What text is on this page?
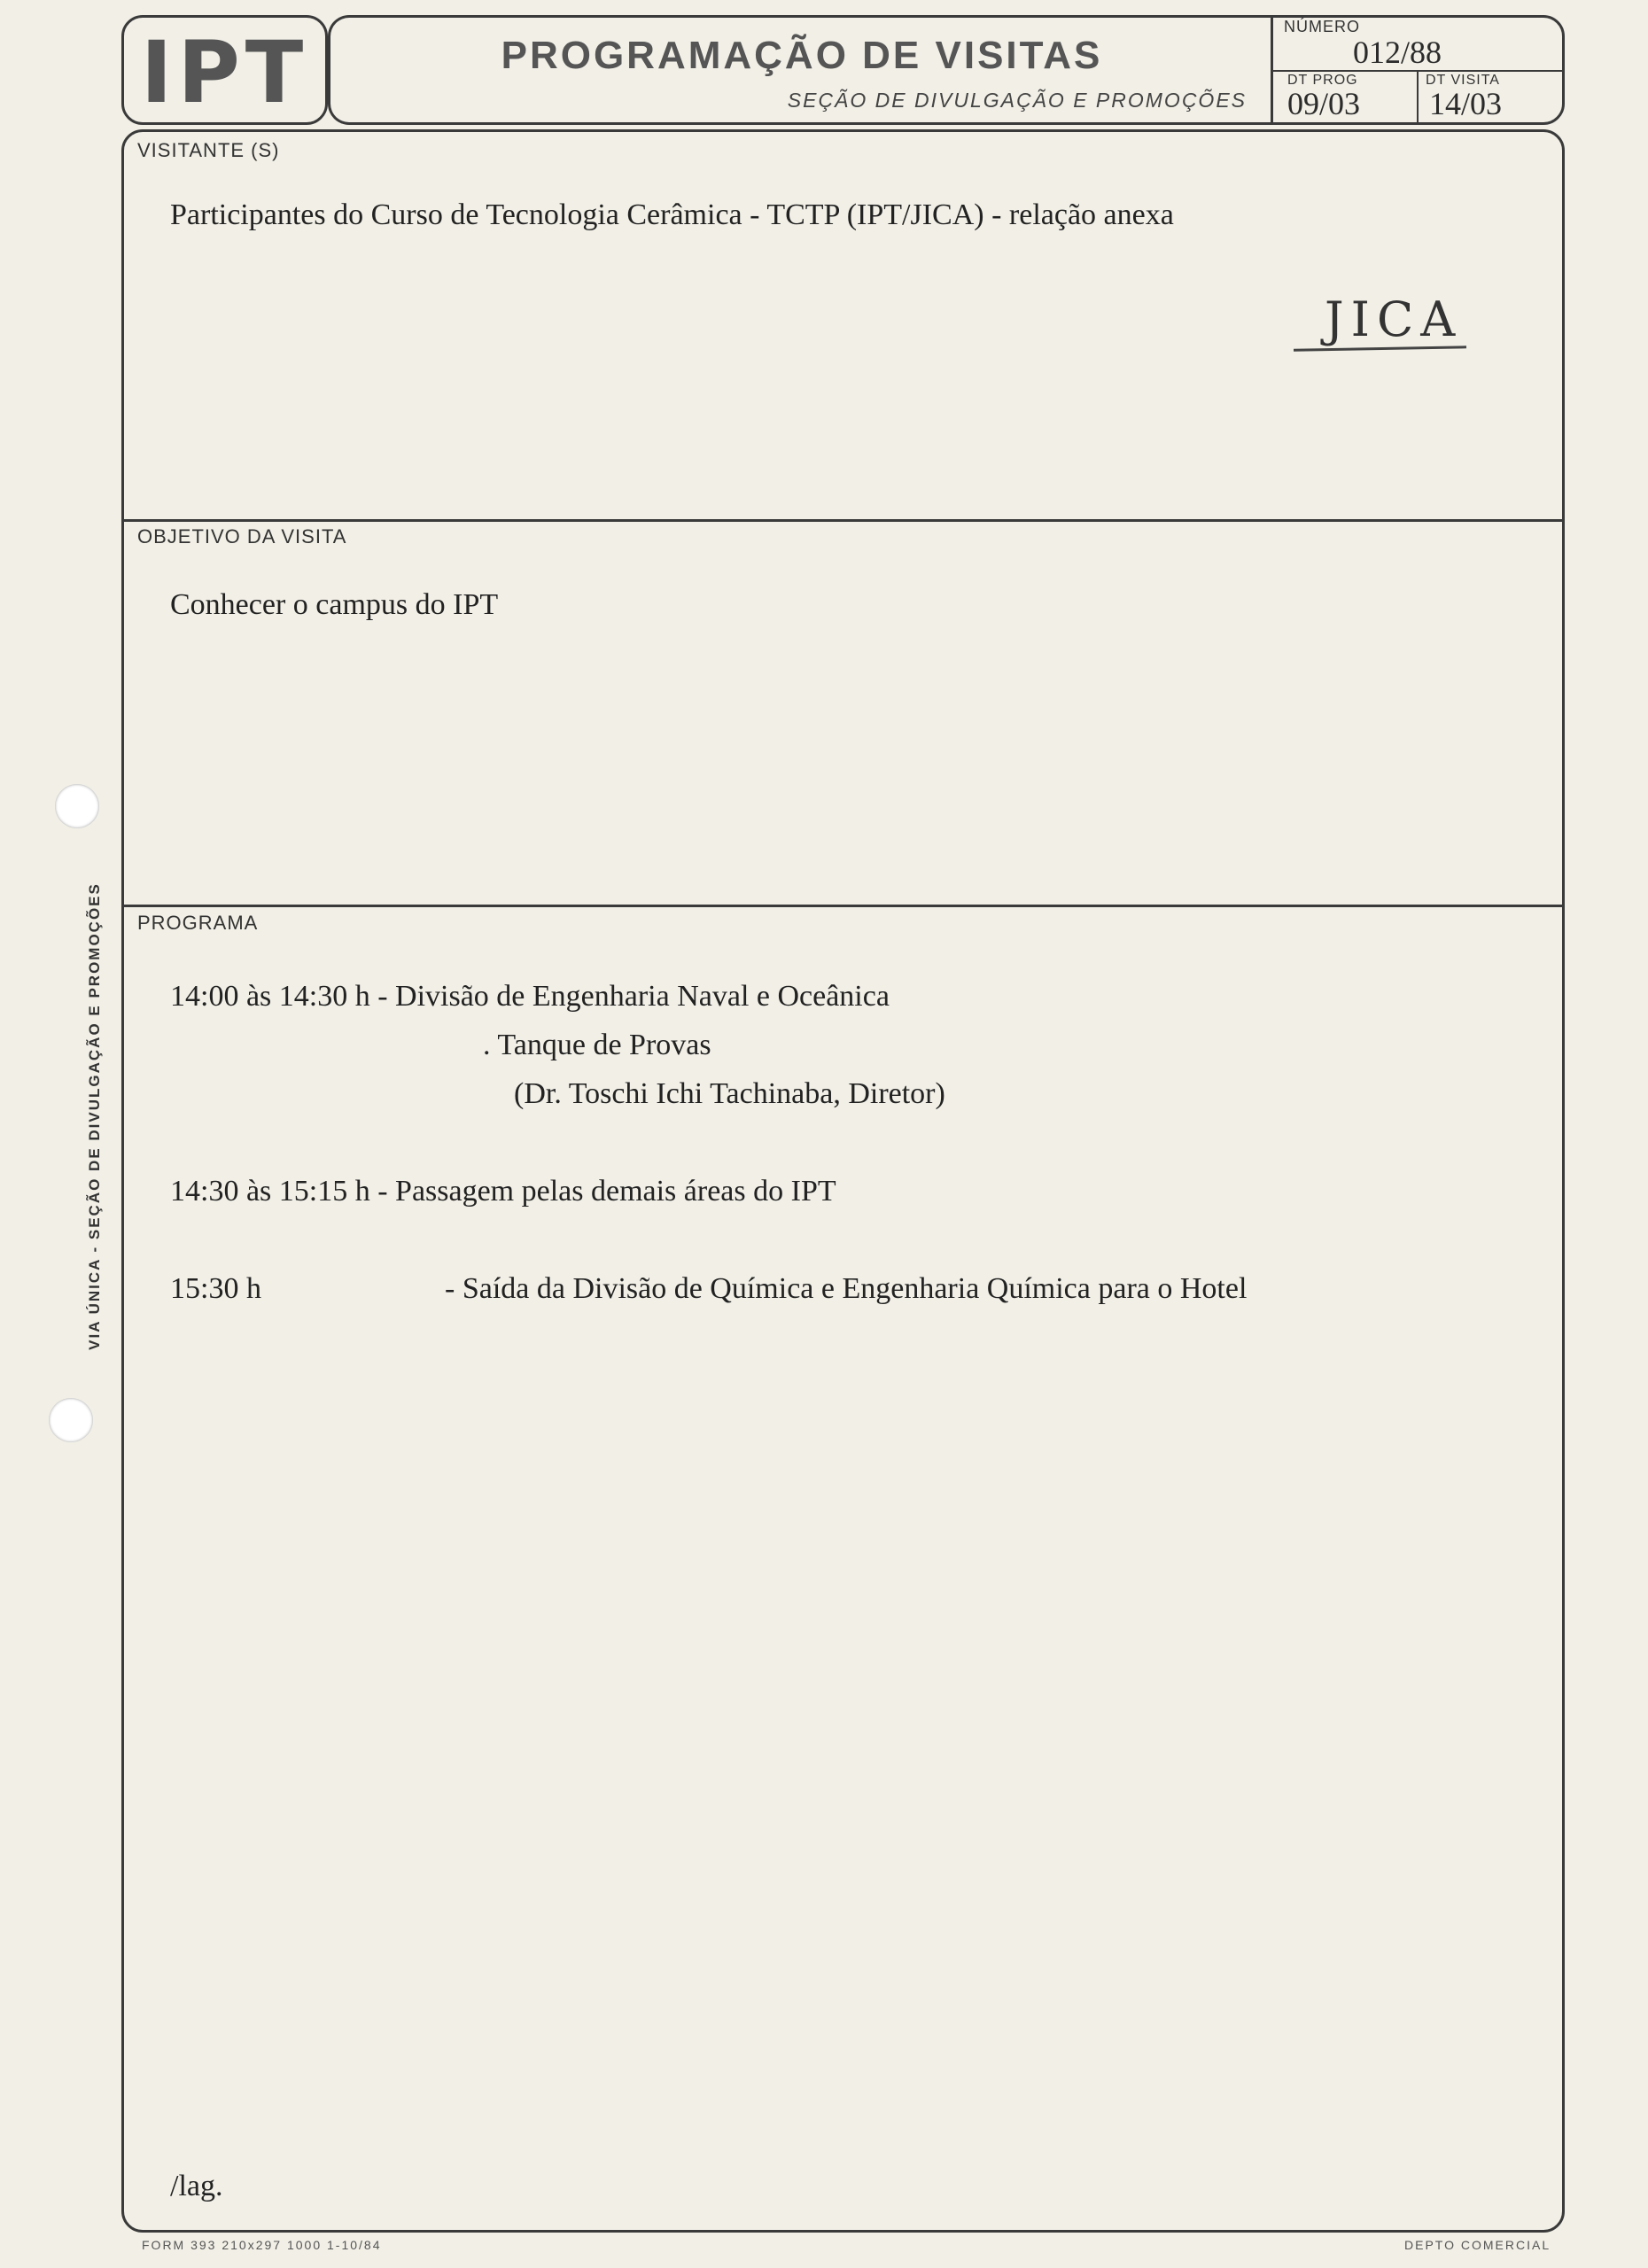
VIA ÚNICA - SEÇÃO DE DIVULGAÇÃO E PROMOÇÕES
IPT	PROGRAMAÇÃO DE VISITAS
SEÇÃO DE DIVULGAÇÃO E PROMOÇÕES
NÚMERO
012/88
DT PROG
09/03
DT VISITA
14/03
VISITANTE (S)
Participantes do Curso de Tecnologia Cerâmica - TCTP (IPT/JICA) - relação anexa
JICA
OBJETIVO DA VISITA
Conhecer o campus do IPT
PROGRAMA
14:00 às 14:30 h - Divisão de Engenharia Naval e Oceânica
. Tanque de Provas
(Dr. Toschi Ichi Tachinaba, Diretor)
14:30 às 15:15 h - Passagem pelas demais áreas do IPT
15:30 h	- Saída da Divisão de Química e Engenharia Química para o Hotel
/lag.
FORM 393 210x297 1000 1-10/84	DEPTO COMERCIAL
